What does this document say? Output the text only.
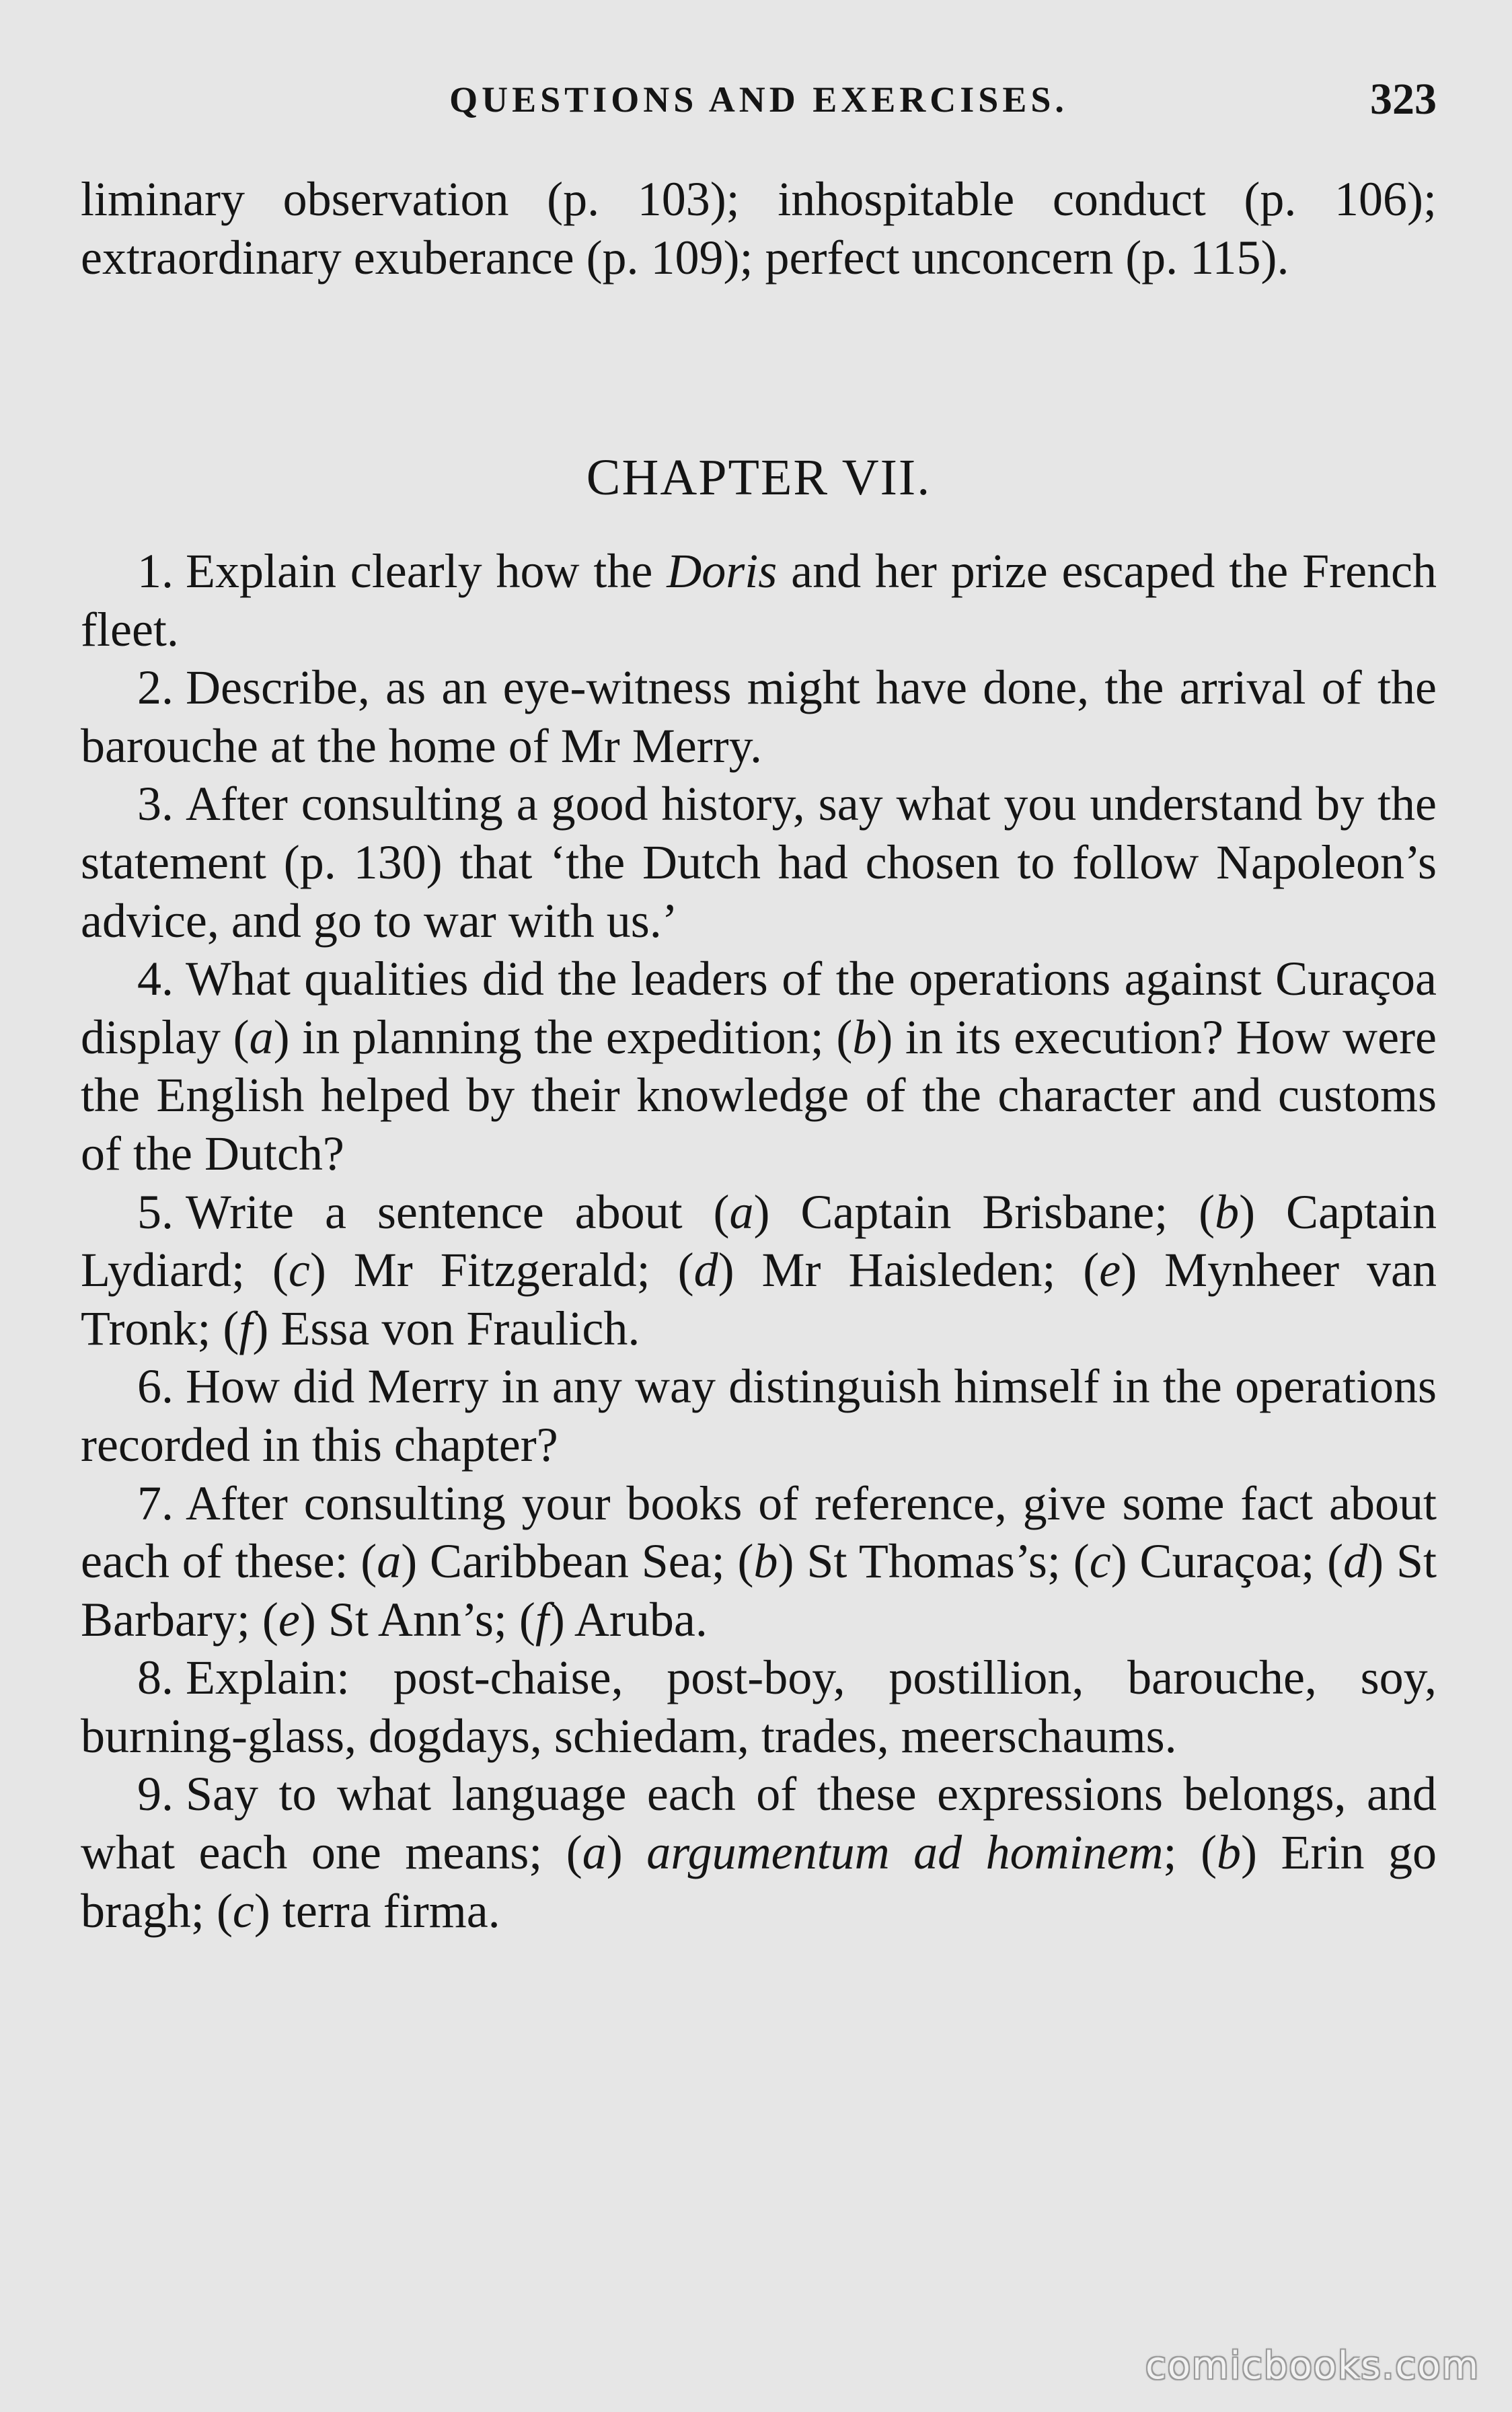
QUESTIONS AND EXERCISES.	323
liminary observation (p. 103); inhospitable conduct (p. 106); extraordinary exuberance (p. 109); perfect unconcern (p. 115).
CHAPTER VII.

1. Explain clearly how the Doris and her prize escaped the French fleet.

2. Describe, as an eye-witness might have done, the arrival of the barouche at the home of Mr Merry.

3. After consulting a good history, say what you understand by the statement (p. 130) that ‘the Dutch had chosen to follow Napoleon’s advice, and go to war with us.’

4. What qualities did the leaders of the operations against Curaçoa display (a) in planning the expedition; (b) in its execution? How were the English helped by their knowledge of the character and customs of the Dutch?

5. Write a sentence about (a) Captain Brisbane; (b) Captain Lydiard; (c) Mr Fitzgerald; (d) Mr Haisleden; (e) Mynheer van Tronk; (f) Essa von Fraulich.

6. How did Merry in any way distinguish himself in the operations recorded in this chapter?

7. After consulting your books of reference, give some fact about each of these: (a) Caribbean Sea; (b) St Thomas’s; (c) Curaçoa; (d) St Barbary; (e) St Ann’s; (f) Aruba.

8. Explain: post-chaise, post-boy, postillion, barouche, soy, burning-glass, dogdays, schiedam, trades, meerschaums.

9. Say to what language each of these expressions belongs, and what each one means; (a) argumentum ad hominem; (b) Erin go bragh; (c) terra firma.

comicbooks.com
